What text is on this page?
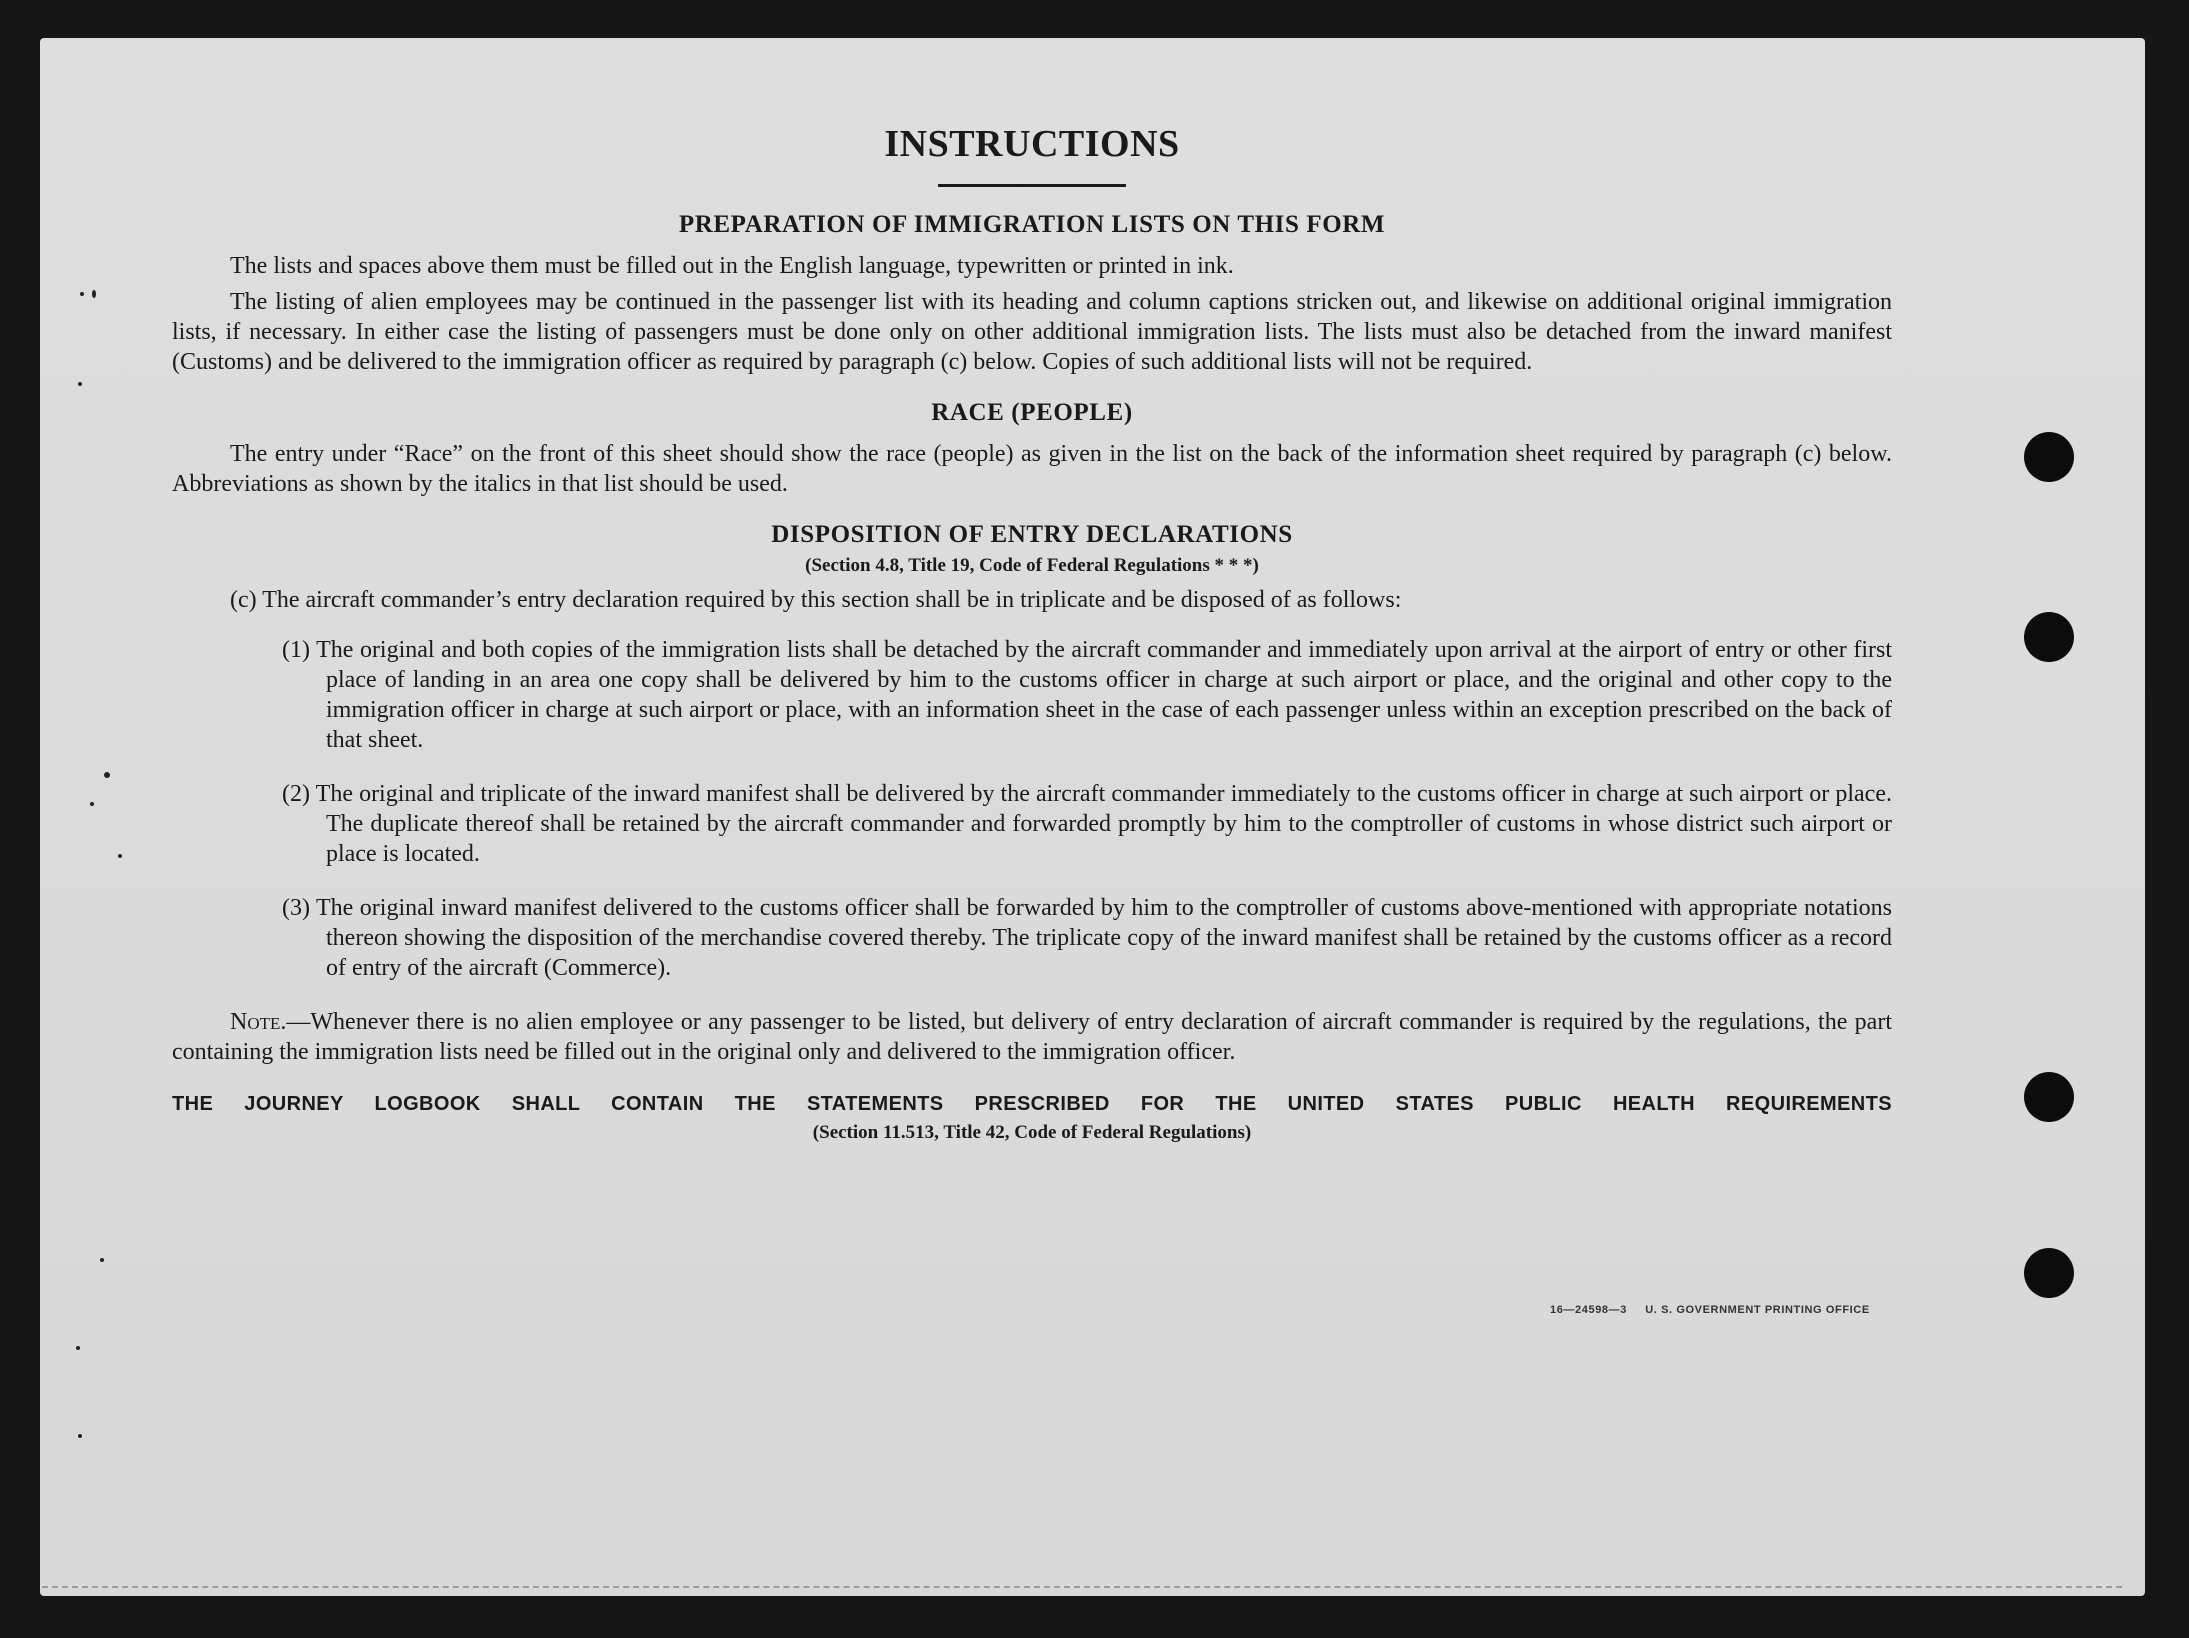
INSTRUCTIONS
PREPARATION OF IMMIGRATION LISTS ON THIS FORM

The lists and spaces above them must be filled out in the English language, typewritten or printed in ink.

The listing of alien employees may be continued in the passenger list with its heading and column captions stricken out, and likewise on additional original immigration lists, if necessary. In either case the listing of passengers must be done only on other additional immigration lists. The lists must also be detached from the inward manifest (Customs) and be delivered to the immigration officer as required by paragraph (c) below. Copies of such additional lists will not be required.

RACE (PEOPLE)

The entry under “Race” on the front of this sheet should show the race (people) as given in the list on the back of the information sheet required by paragraph (c) below. Abbreviations as shown by the italics in that list should be used.

DISPOSITION OF ENTRY DECLARATIONS
(Section 4.8, Title 19, Code of Federal Regulations * * *)

(c) The aircraft commander’s entry declaration required by this section shall be in triplicate and be disposed of as follows:

(1) The original and both copies of the immigration lists shall be detached by the aircraft commander and immediately upon arrival at the airport of entry or other first place of landing in an area one copy shall be delivered by him to the customs officer in charge at such airport or place, and the original and other copy to the immigration officer in charge at such airport or place, with an information sheet in the case of each passenger unless within an exception prescribed on the back of that sheet.
(2) The original and triplicate of the inward manifest shall be delivered by the aircraft commander immediately to the customs officer in charge at such airport or place. The duplicate thereof shall be retained by the aircraft commander and forwarded promptly by him to the comptroller of customs in whose district such airport or place is located.
(3) The original inward manifest delivered to the customs officer shall be forwarded by him to the comptroller of customs above-mentioned with appropriate notations thereon showing the disposition of the merchandise covered thereby. The triplicate copy of the inward manifest shall be retained by the customs officer as a record of entry of the aircraft (Commerce).

Note.—Whenever there is no alien employee or any passenger to be listed, but delivery of entry declaration of aircraft commander is required by the regulations, the part containing the immigration lists need be filled out in the original only and delivered to the immigration officer.

THE JOURNEY LOGBOOK SHALL CONTAIN THE STATEMENTS PRESCRIBED FOR THE UNITED STATES PUBLIC HEALTH REQUIREMENTS
(Section 11.513, Title 42, Code of Federal Regulations)
16—24598—3 U. S. GOVERNMENT PRINTING OFFICE
